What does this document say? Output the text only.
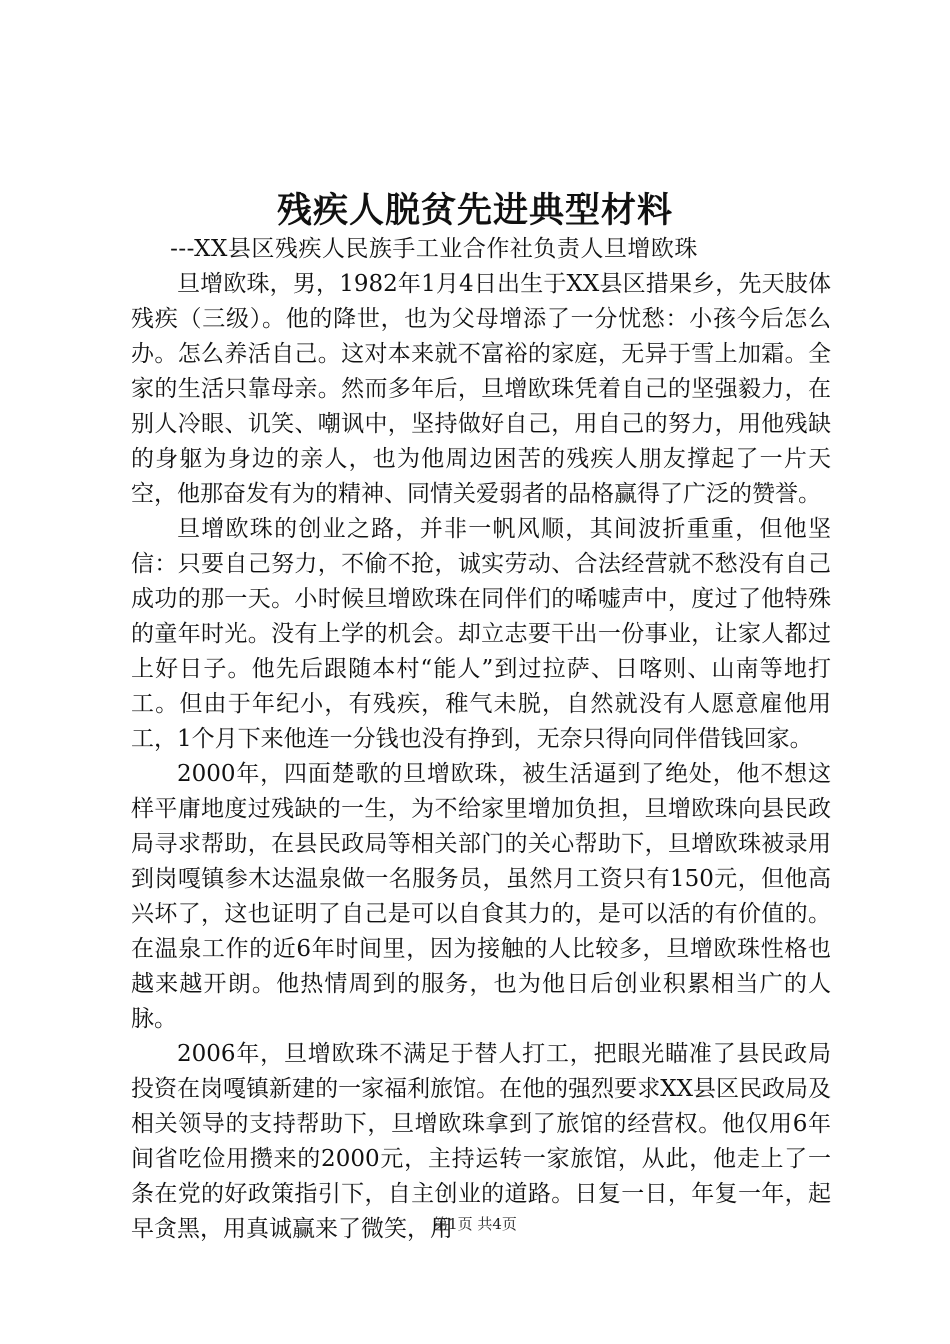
残疾人脱贫先进典型材料

---XX县区残疾人民族手工业合作社负责人旦增欧珠

旦增欧珠，男，1982年1月4日出生于XX县区措果乡，先天肢体残疾（三级）。他的降世，也为父母增添了一分忧愁：小孩今后怎么办。怎么养活自己。这对本来就不富裕的家庭，无异于雪上加霜。全家的生活只靠母亲。然而多年后，旦增欧珠凭着自己的坚强毅力，在别人冷眼、讥笑、嘲讽中，坚持做好自己，用自己的努力，用他残缺的身躯为身边的亲人，也为他周边困苦的残疾人朋友撑起了一片天空，他那奋发有为的精神、同情关爱弱者的品格赢得了广泛的赞誉。

旦增欧珠的创业之路，并非一帆风顺，其间波折重重，但他坚信：只要自己努力，不偷不抢，诚实劳动、合法经营就不愁没有自己成功的那一天。小时候旦增欧珠在同伴们的唏嘘声中，度过了他特殊的童年时光。没有上学的机会。却立志要干出一份事业，让家人都过上好日子。他先后跟随本村“能人”到过拉萨、日喀则、山南等地打工。但由于年纪小，有残疾，稚气未脱，自然就没有人愿意雇他用工，1个月下来他连一分钱也没有挣到，无奈只得向同伴借钱回家。

2000年，四面楚歌的旦增欧珠，被生活逼到了绝处，他不想这样平庸地度过残缺的一生，为不给家里增加负担，旦增欧珠向县民政局寻求帮助，在县民政局等相关部门的关心帮助下，旦增欧珠被录用到岗嘎镇参木达温泉做一名服务员，虽然月工资只有150元，但他高兴坏了，这也证明了自己是可以自食其力的，是可以活的有价值的。在温泉工作的近6年时间里，因为接触的人比较多，旦增欧珠性格也越来越开朗。他热情周到的服务，也为他日后创业积累相当广的人脉。

2006年，旦增欧珠不满足于替人打工，把眼光瞄准了县民政局投资在岗嘎镇新建的一家福利旅馆。在他的强烈要求XX县区民政局及相关领导的支持帮助下，旦增欧珠拿到了旅馆的经营权。他仅用6年间省吃俭用攒来的2000元，主持运转一家旅馆，从此，他走上了一条在党的好政策指引下，自主创业的道路。日复一日，年复一年，起早贪黑，用真诚赢来了微笑，用

第1页 共4页
